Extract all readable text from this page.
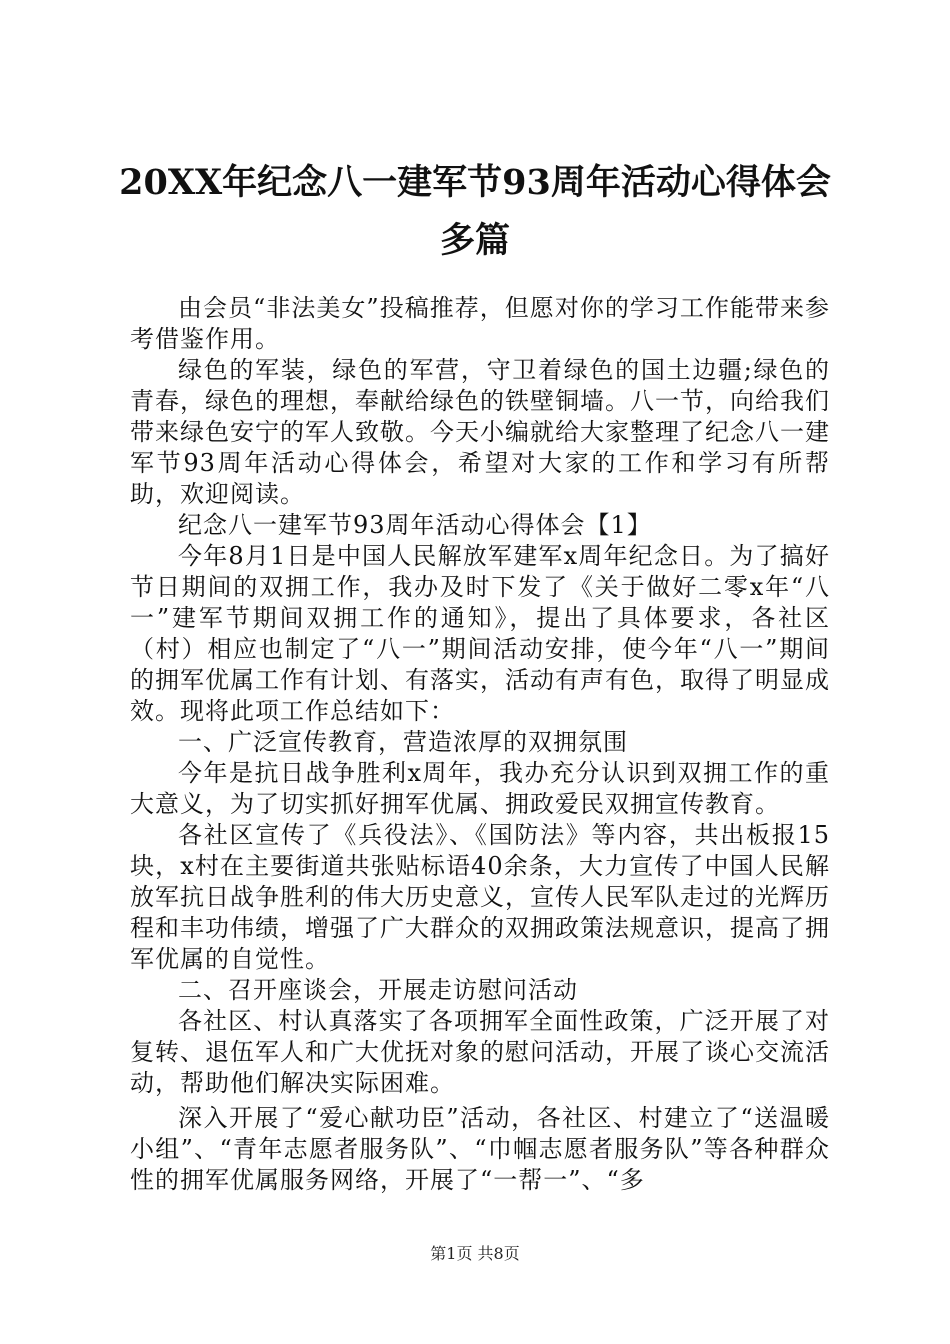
20XX年纪念八一建军节93周年活动心得体会
多篇

由会员“非法美女”投稿推荐，但愿对你的学习工作能带来参考借鉴作用。

绿色的军装，绿色的军营，守卫着绿色的国土边疆;绿色的青春，绿色的理想，奉献给绿色的铁壁铜墙。八一节，向给我们带来绿色安宁的军人致敬。今天小编就给大家整理了纪念八一建军节93周年活动心得体会，希望对大家的工作和学习有所帮助，欢迎阅读。

纪念八一建军节93周年活动心得体会【1】

今年8月1日是中国人民解放军建军x周年纪念日。为了搞好节日期间的双拥工作，我办及时下发了《关于做好二零x年“八一”建军节期间双拥工作的通知》，提出了具体要求，各社区（村）相应也制定了“八一”期间活动安排，使今年“八一”期间的拥军优属工作有计划、有落实，活动有声有色，取得了明显成效。现将此项工作总结如下：

一、广泛宣传教育，营造浓厚的双拥氛围

今年是抗日战争胜利x周年，我办充分认识到双拥工作的重大意义，为了切实抓好拥军优属、拥政爱民双拥宣传教育。

各社区宣传了《兵役法》、《国防法》等内容，共出板报15块，x村在主要街道共张贴标语40余条，大力宣传了中国人民解放军抗日战争胜利的伟大历史意义，宣传人民军队走过的光辉历程和丰功伟绩，增强了广大群众的双拥政策法规意识，提高了拥军优属的自觉性。

二、召开座谈会，开展走访慰问活动

各社区、村认真落实了各项拥军全面性政策，广泛开展了对复转、退伍军人和广大优抚对象的慰问活动，开展了谈心交流活动，帮助他们解决实际困难。

深入开展了“爱心献功臣”活动，各社区、村建立了“送温暖小组”、“青年志愿者服务队”、“巾帼志愿者服务队”等各种群众性的拥军优属服务网络，开展了“一帮一”、“多

第1页 共8页
